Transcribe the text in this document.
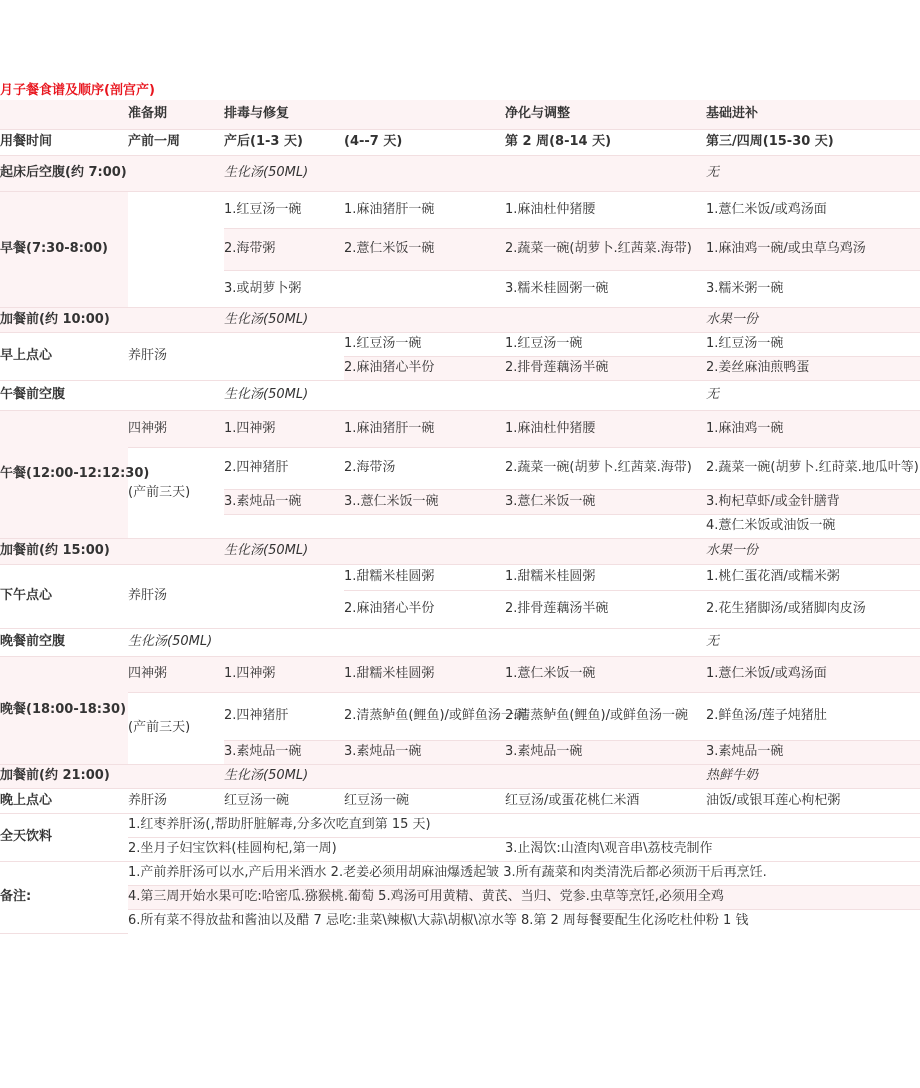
月子餐食谱及顺序(剖宫产)
	准备期	排毒与修复		净化与调整	基础进补
用餐时间	产前一周	产后(1-3 天)	(4--7 天)	第 2 周(8-14 天)	第三/四周(15-30 天)
起床后空腹(约 7:00)		生化汤(50ML)			无
早餐(7:30-8:00)		1.红豆汤一碗	1.麻油猪肝一碗	1.麻油杜仲猪腰	1.薏仁米饭/或鸡汤面
		2.海带粥	2.薏仁米饭一碗	2.蔬菜一碗(胡萝卜.红茜菜.海带)	1.麻油鸡一碗/或虫草乌鸡汤
		3.或胡萝卜粥		3.糯米桂圆粥一碗	3.糯米粥一碗
加餐前(约 10:00)		生化汤(50ML)			水果一份
早上点心	养肝汤		1.红豆汤一碗	1.红豆汤一碗	1.红豆汤一碗
			2.麻油猪心半份	2.排骨莲藕汤半碗	2.姜丝麻油煎鸭蛋
午餐前空腹		生化汤(50ML)			无
午餐(12:00-12:12:30)	四神粥	1.四神粥	1.麻油猪肝一碗	1.麻油杜仲猪腰	1.麻油鸡一碗
	(产前三天)	2.四神猪肝	2.海带汤	2.蔬菜一碗(胡萝卜.红茜菜.海带)	2.蔬菜一碗(胡萝卜.红莳菜.地瓜叶等)
		3.素炖品一碗	3..薏仁米饭一碗	3.薏仁米饭一碗	3.枸杞草虾/或金针膳背
					4.薏仁米饭或油饭一碗
加餐前(约 15:00)		生化汤(50ML)			水果一份
下午点心	养肝汤		1.甜糯米桂圆粥	1.甜糯米桂圆粥	1.桃仁蛋花酒/或糯米粥
			2.麻油猪心半份	2.排骨莲藕汤半碗	2.花生猪脚汤/或猪脚肉皮汤
晚餐前空腹	生化汤(50ML)				无
晚餐(18:00-18:30)	四神粥	1.四神粥	1.甜糯米桂圆粥	1.薏仁米饭一碗	1.薏仁米饭/或鸡汤面
	(产前三天)	2.四神猪肝	2.清蒸鲈鱼(鲤鱼)/或鲜鱼汤一碗	2.清蒸鲈鱼(鲤鱼)/或鲜鱼汤一碗	2.鲜鱼汤/莲子炖猪肚
		3.素炖品一碗	3.素炖品一碗	3.素炖品一碗	3.素炖品一碗
加餐前(约 21:00)		生化汤(50ML)			热鲜牛奶
晚上点心	养肝汤	红豆汤一碗	红豆汤一碗	红豆汤/或蛋花桃仁米酒	油饭/或银耳莲心枸杞粥
全天饮料	1.红枣养肝汤(,帮助肝脏解毒,分多次吃直到第 15 天)				
	2.坐月子妇宝饮料(桂圆枸杞,第一周)			3.止渴饮:山渣肉\观音串\荔枝壳制作	
备注:	1.产前养肝汤可以水,产后用米酒水 2.老姜必须用胡麻油爆透起皱 3.所有蔬菜和肉类清洗后都必须沥干后再烹饪.				
	4.第三周开始水果可吃:哈密瓜.猕猴桃.葡萄 5.鸡汤可用黄精、黄芪、当归、党参.虫草等烹饪,必须用全鸡				
	6.所有菜不得放盐和酱油以及醋 7 忌吃:韭菜\辣椒\大蒜\胡椒\凉水等 8.第 2 周每餐要配生化汤吃杜仲粉 1 钱				
